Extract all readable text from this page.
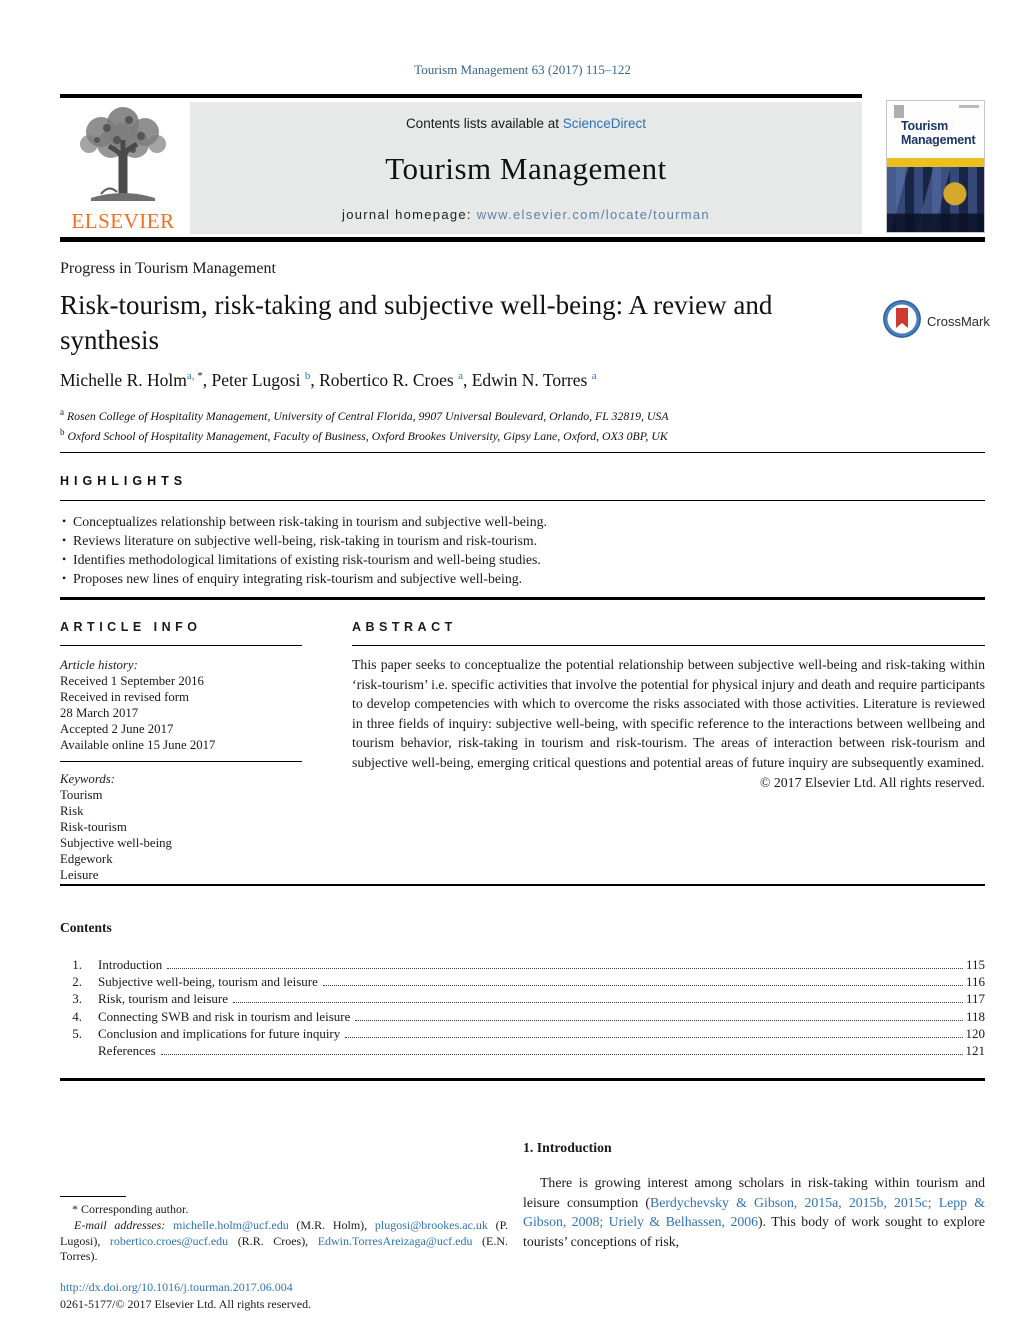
Tourism Management 63 (2017) 115–122
ELSEVIER
Contents lists available at ScienceDirect
Tourism Management
journal homepage: www.elsevier.com/locate/tourman
Tourism
Management
Progress in Tourism Management
Risk-tourism, risk-taking and subjective well-being: A review and synthesis
CrossMark
Michelle R. Holm$^{a, *}$, Peter Lugosi $^b$, Robertico R. Croes $^a$, Edwin N. Torres $^a$
$^a$ Rosen College of Hospitality Management, University of Central Florida, 9907 Universal Boulevard, Orlando, FL 32819, USA
$^b$ Oxford School of Hospitality Management, Faculty of Business, Oxford Brookes University, Gipsy Lane, Oxford, OX3 0BP, UK
HIGHLIGHTS
• Conceptualizes relationship between risk-taking in tourism and subjective well-being.
• Reviews literature on subjective well-being, risk-taking in tourism and risk-tourism.
• Identifies methodological limitations of existing risk-tourism and well-being studies.
• Proposes new lines of enquiry integrating risk-tourism and subjective well-being.
ARTICLE INFO
Article history:
Received 1 September 2016
Received in revised form
28 March 2017
Accepted 2 June 2017
Available online 15 June 2017
Keywords:
Tourism
Risk
Risk-tourism
Subjective well-being
Edgework
Leisure
ABSTRACT
This paper seeks to conceptualize the potential relationship between subjective well-being and risk-taking within ‘risk-tourism’ i.e. specific activities that involve the potential for physical injury and death and require participants to develop competencies with which to overcome the risks associated with those activities. Literature is reviewed in three fields of inquiry: subjective well-being, with specific reference to the interactions between wellbeing and tourism behavior, risk-taking in tourism and risk-tourism. The areas of interaction between risk-tourism and subjective well-being, emerging critical questions and potential areas of future inquiry are subsequently examined.
© 2017 Elsevier Ltd. All rights reserved.
Contents
1. Introduction	115
2. Subjective well-being, tourism and leisure	116
3. Risk, tourism and leisure	117
4. Connecting SWB and risk in tourism and leisure	118
5. Conclusion and implications for future inquiry	120
References	121
1. Introduction
There is growing interest among scholars in risk-taking within tourism and leisure consumption (Berdychevsky & Gibson, 2015a, 2015b, 2015c; Lepp & Gibson, 2008; Uriely & Belhassen, 2006). This body of work sought to explore tourists’ conceptions of risk,
* Corresponding author.
E-mail addresses: michelle.holm@ucf.edu (M.R. Holm), plugosi@brookes.ac.uk (P. Lugosi), robertico.croes@ucf.edu (R.R. Croes), Edwin.TorresAreizaga@ucf.edu (E.N. Torres).
http://dx.doi.org/10.1016/j.tourman.2017.06.004
0261-5177/© 2017 Elsevier Ltd. All rights reserved.
